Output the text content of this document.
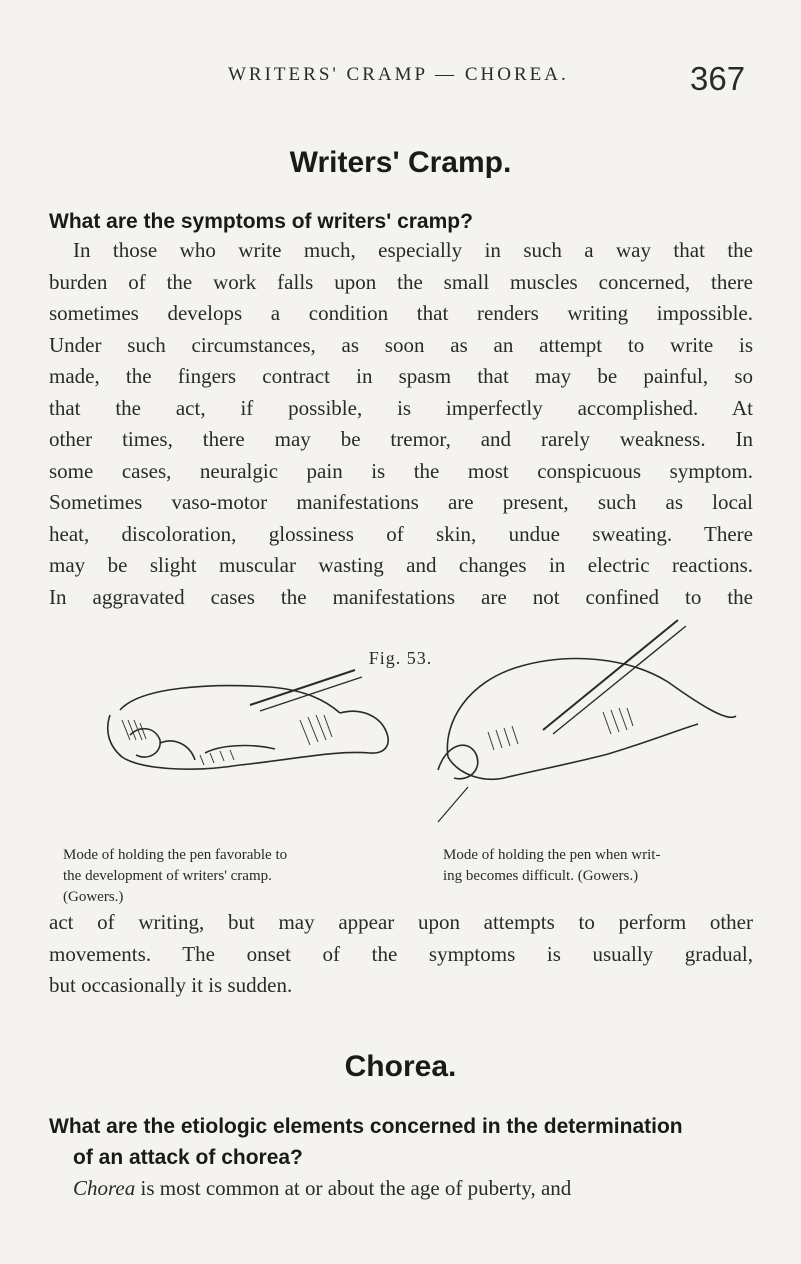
WRITERS' CRAMP — CHOREA.	367
Writers' Cramp.
What are the symptoms of writers' cramp?
In those who write much, especially in such a way that the
burden of the work falls upon the small muscles concerned, there
sometimes develops a condition that renders writing impossible.
Under such circumstances, as soon as an attempt to write is
made, the fingers contract in spasm that may be painful, so
that the act, if possible, is imperfectly accomplished. At
other times, there may be tremor, and rarely weakness. In
some cases, neuralgic pain is the most conspicuous symptom.
Sometimes vaso-motor manifestations are present, such as local
heat, discoloration, glossiness of skin, undue sweating. There
may be slight muscular wasting and changes in electric reactions.
In aggravated cases the manifestations are not confined to the
Fig. 53.
Mode of holding the pen favorable to
the development of writers' cramp.
(Gowers.)
Mode of holding the pen when writ-
ing becomes difficult. (Gowers.)
act of writing, but may appear upon attempts to perform other
movements. The onset of the symptoms is usually gradual,
but occasionally it is sudden.
Chorea.
What are the etiologic elements concerned in the determination
of an attack of chorea?
Chorea is most common at or about the age of puberty, and
